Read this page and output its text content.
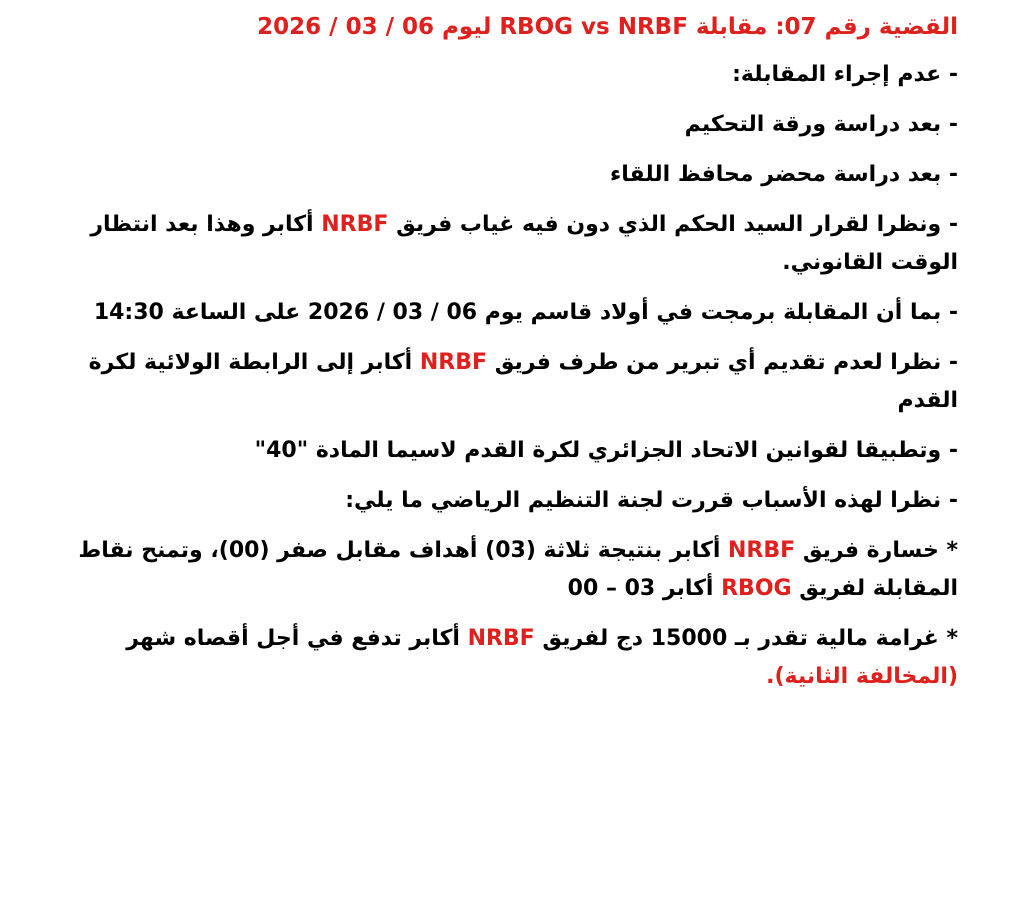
القضية رقم 07: مقابلة RBOG vs NRBF ليوم 06 / 03 / 2026
- عدم إجراء المقابلة:
- بعد دراسة ورقة التحكيم
- بعد دراسة محضر محافظ اللقاء
- ونظرا لقرار السيد الحكم الذي دون فيه غياب فريق NRBF أكابر وهذا بعد انتظار الوقت القانوني.
- بما أن المقابلة برمجت في أولاد قاسم يوم 06 / 03 / 2026 على الساعة 14:30
- نظرا لعدم تقديم أي تبرير من طرف فريق NRBF أكابر إلى الرابطة الولائية لكرة القدم
- وتطبيقا لقوانين الاتحاد الجزائري لكرة القدم لاسيما المادة "40"
- نظرا لهذه الأسباب قررت لجنة التنظيم الرياضي ما يلي:
* خسارة فريق NRBF أكابر بنتيجة ثلاثة (03) أهداف مقابل صفر (00)، وتمنح نقاط المقابلة لفريق RBOG أكابر 03 – 00
* غرامة مالية تقدر بـ 15000 دج لفريق NRBF أكابر تدفع في أجل أقصاه شهر (المخالفة الثانية).
